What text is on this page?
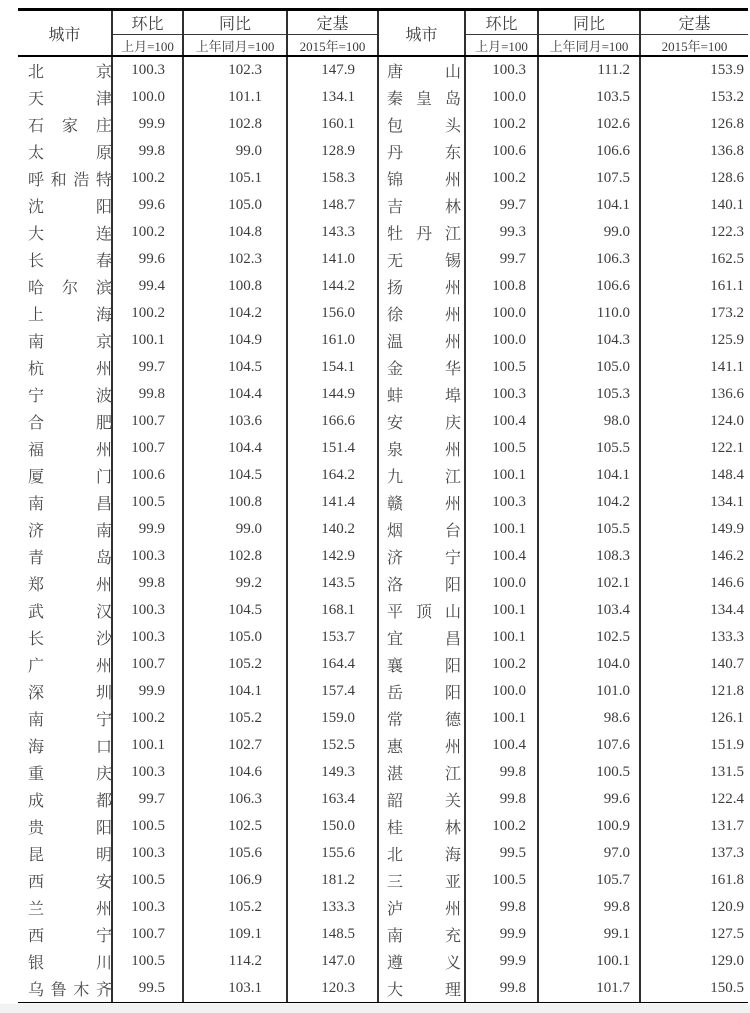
城市	环比	同比	定基	城市	环比	同比	定基
	上月=100	上年同月=100	2015年=100		上月=100	上年同月=100	2015年=100

北 京	100.3	102.3	147.9	唐 山	100.3	111.2	153.9

天 津	100.0	101.1	134.1	秦 皇 岛	100.0	103.5	153.2

石 家 庄	99.9	102.8	160.1	包 头	100.2	102.6	126.8

太 原	99.8	99.0	128.9	丹 东	100.6	106.6	136.8

呼 和 浩 特	100.2	105.1	158.3	锦 州	100.2	107.5	128.6

沈 阳	99.6	105.0	148.7	吉 林	99.7	104.1	140.1

大 连	100.2	104.8	143.3	牡 丹 江	99.3	99.0	122.3

长 春	99.6	102.3	141.0	无 锡	99.7	106.3	162.5

哈 尔 滨	99.4	100.8	144.2	扬 州	100.8	106.6	161.1

上 海	100.2	104.2	156.0	徐 州	100.0	110.0	173.2

南 京	100.1	104.9	161.0	温 州	100.0	104.3	125.9

杭 州	99.7	104.5	154.1	金 华	100.5	105.0	141.1

宁 波	99.8	104.4	144.9	蚌 埠	100.3	105.3	136.6

合 肥	100.7	103.6	166.6	安 庆	100.4	98.0	124.0

福 州	100.7	104.4	151.4	泉 州	100.5	105.5	122.1

厦 门	100.6	104.5	164.2	九 江	100.1	104.1	148.4

南 昌	100.5	100.8	141.4	赣 州	100.3	104.2	134.1

济 南	99.9	99.0	140.2	烟 台	100.1	105.5	149.9

青 岛	100.3	102.8	142.9	济 宁	100.4	108.3	146.2

郑 州	99.8	99.2	143.5	洛 阳	100.0	102.1	146.6

武 汉	100.3	104.5	168.1	平 顶 山	100.1	103.4	134.4

长 沙	100.3	105.0	153.7	宜 昌	100.1	102.5	133.3

广 州	100.7	105.2	164.4	襄 阳	100.2	104.0	140.7

深 圳	99.9	104.1	157.4	岳 阳	100.0	101.0	121.8

南 宁	100.2	105.2	159.0	常 德	100.1	98.6	126.1

海 口	100.1	102.7	152.5	惠 州	100.4	107.6	151.9

重 庆	100.3	104.6	149.3	湛 江	99.8	100.5	131.5

成 都	99.7	106.3	163.4	韶 关	99.8	99.6	122.4

贵 阳	100.5	102.5	150.0	桂 林	100.2	100.9	131.7

昆 明	100.3	105.6	155.6	北 海	99.5	97.0	137.3

西 安	100.5	106.9	181.2	三 亚	100.5	105.7	161.8

兰 州	100.3	105.2	133.3	泸 州	99.8	99.8	120.9

西 宁	100.7	109.1	148.5	南 充	99.9	99.1	127.5

银 川	100.5	114.2	147.0	遵 义	99.9	100.1	129.0

乌 鲁 木 齐	99.5	103.1	120.3	大 理	99.8	101.7	150.5
